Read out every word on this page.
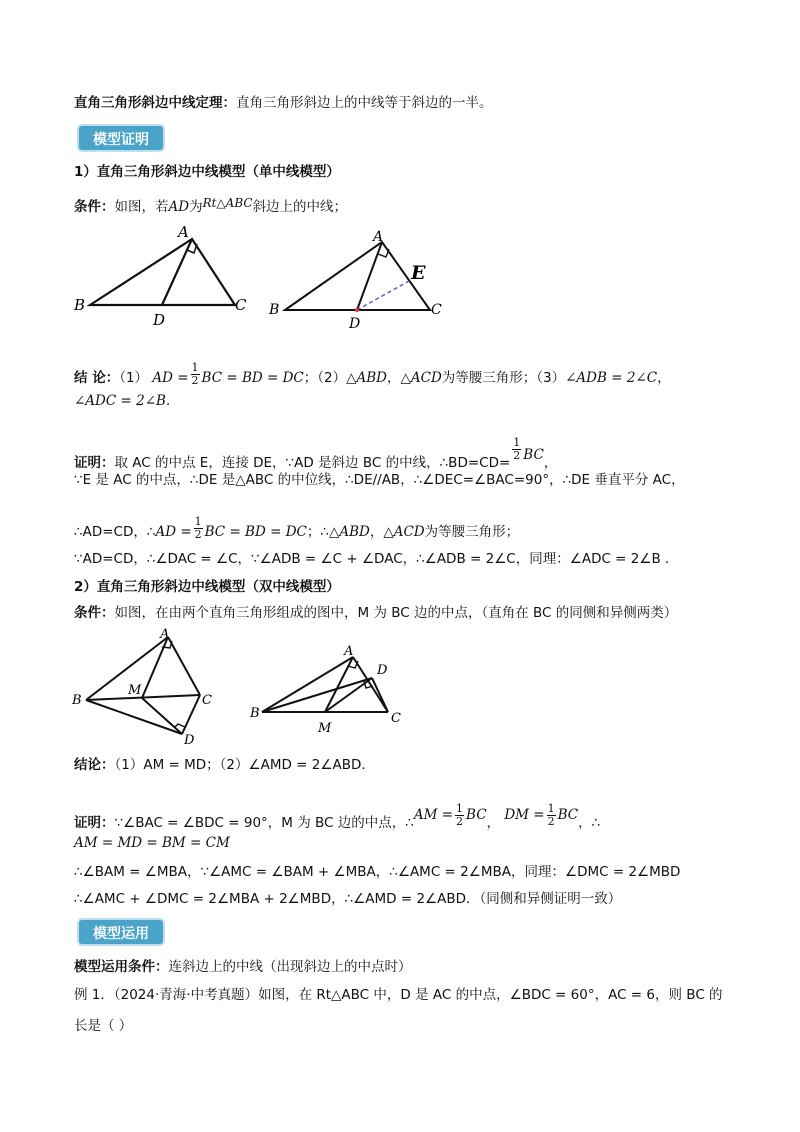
直角三角形斜边中线定理：直角三角形斜边上的中线等于斜边的一半。
模型证明
1）直角三角形斜边中线模型（单中线模型）
条件：如图，若AD为Rt△ABC斜边上的中线；
A
B	C
D
A
B	C
D
E
结 论：（1） AD = $\frac{1}{2}$ BC = BD = DC；（2）△ABD，△ACD为等腰三角形；（3）∠ADB = 2∠C，
∠ADC = 2∠B．
证明：取 AC 的中点 E，连接 DE，∵AD 是斜边 BC 的中线，∴BD=CD=
$\frac{1}{2}$ BC，
∵E 是 AC 的中点，∴DE 是△ABC 的中位线，∴DE//AB，∴∠DEC=∠BAC=90°，∴DE 垂直平分 AC，
∴AD=CD，∴AD = $\frac{1}{2}$ BC = BD = DC；∴△ABD，△ACD为等腰三角形；
∵AD=CD，∴∠DAC = ∠C，∵∠ADB = ∠C + ∠DAC，∴∠ADB = 2∠C，同理：∠ADC = 2∠B ．
2）直角三角形斜边中线模型（双中线模型）
条件：如图，在由两个直角三角形组成的图中，M 为 BC 边的中点，（直角在 BC 的同侧和异侧两类）
A
B	C
D
M
A
B	C
D
M
结论：（1）AM = MD；（2）∠AMD = 2∠ABD．
证明：∵∠BAC = ∠BDC = 90°，M 为 BC 边的中点，∴AM = $\frac{1}{2}$ BC， DM = $\frac{1}{2}$ BC，∴
AM = MD = BM = CM
∴∠BAM = ∠MBA，∵∠AMC = ∠BAM + ∠MBA，∴∠AMC = 2∠MBA，同理：∠DMC = 2∠MBD
∴∠AMC + ∠DMC = 2∠MBA + 2∠MBD，∴∠AMD = 2∠ABD．（同侧和异侧证明一致）
模型运用
模型运用条件：连斜边上的中线（出现斜边上的中点时）
例 1．（2024·青海·中考真题）如图，在 Rt△ABC 中，D 是 AC 的中点，∠BDC = 60°，AC = 6，则 BC 的
长是（ ）
